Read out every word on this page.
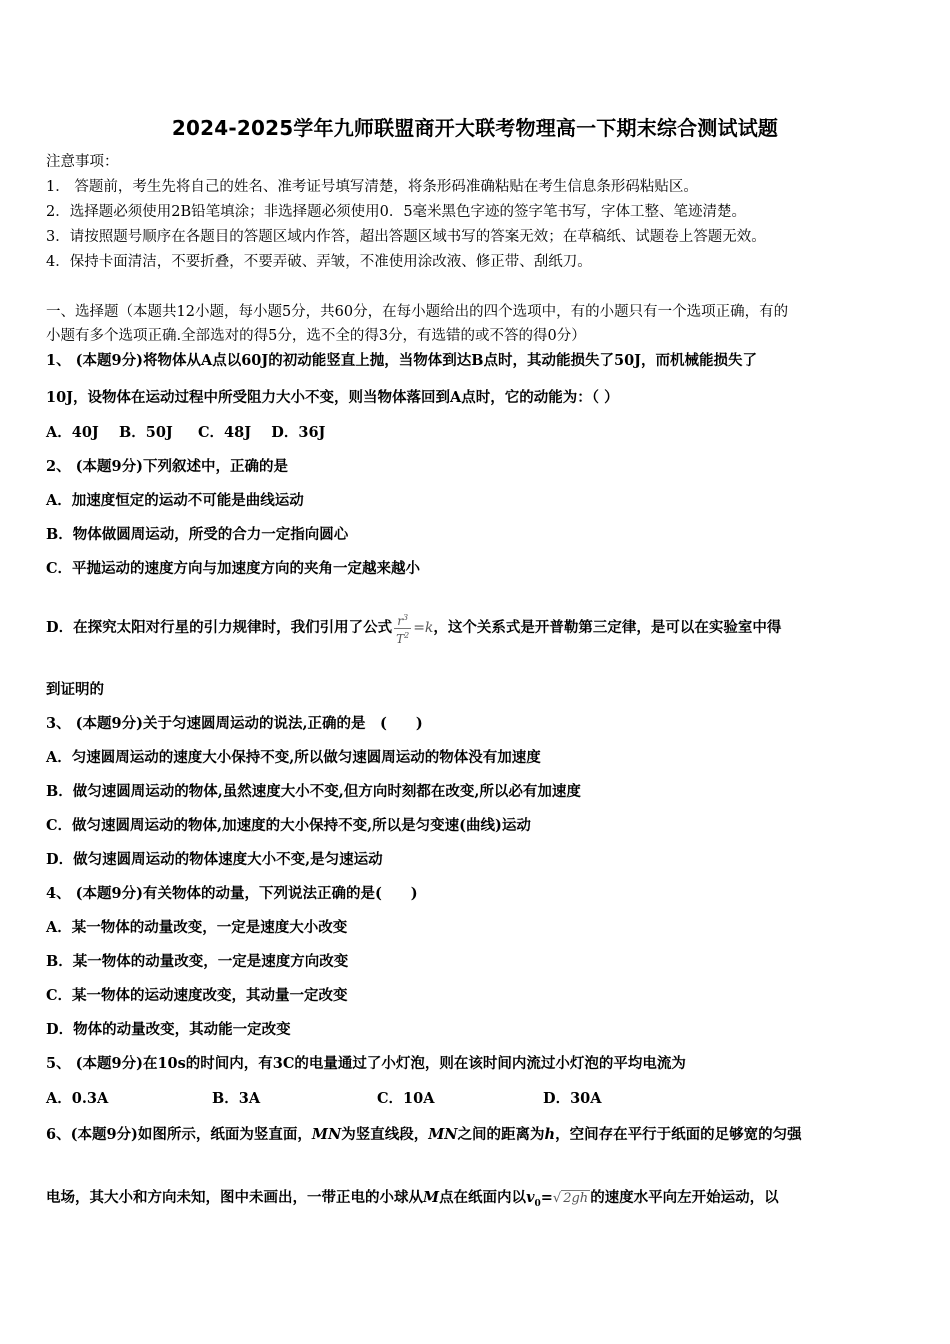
2024-2025学年九师联盟商开大联考物理高一下期末综合测试试题
注意事项：
1． 答题前，考生先将自己的姓名、准考证号填写清楚，将条形码准确粘贴在考生信息条形码粘贴区。
2．选择题必须使用2B铅笔填涂；非选择题必须使用0．5毫米黑色字迹的签字笔书写，字体工整、笔迹清楚。
3．请按照题号顺序在各题目的答题区域内作答，超出答题区域书写的答案无效；在草稿纸、试题卷上答题无效。
4．保持卡面清洁，不要折叠，不要弄破、弄皱，不准使用涂改液、修正带、刮纸刀。
一、选择题（本题共12小题，每小题5分，共60分，在每小题给出的四个选项中，有的小题只有一个选项正确，有的
小题有多个选项正确.全部选对的得5分，选不全的得3分，有选错的或不答的得0分）
1、 (本题9分)将物体从A点以60J的初动能竖直上抛，当物体到达B点时，其动能损失了50J，而机械能损失了
10J，设物体在运动过程中所受阻力大小不变，则当物体落回到A点时，它的动能为：（ ）
A．40J    B．50J     C．48J    D．36J
2、 (本题9分)下列叙述中，正确的是
A．加速度恒定的运动不可能是曲线运动
B．物体做圆周运动，所受的合力一定指向圆心
C．平抛运动的速度方向与加速度方向的夹角一定越来越小
D．在探究太阳对行星的引力规律时，我们引用了公式 $\frac{r^3}{T^2} =k$，这个关系式是开普勒第三定律，是可以在实验室中得
到证明的
3、 (本题9分)关于匀速圆周运动的说法,正确的是　(　　)
A．匀速圆周运动的速度大小保持不变,所以做匀速圆周运动的物体没有加速度
B．做匀速圆周运动的物体,虽然速度大小不变,但方向时刻都在改变,所以必有加速度
C．做匀速圆周运动的物体,加速度的大小保持不变,所以是匀变速(曲线)运动
D．做匀速圆周运动的物体速度大小不变,是匀速运动
4、 (本题9分)有关物体的动量，下列说法正确的是(　　)
A．某一物体的动量改变，一定是速度大小改变
B．某一物体的动量改变，一定是速度方向改变
C．某一物体的运动速度改变，其动量一定改变
D．物体的动量改变，其动能一定改变
5、 (本题9分)在10s的时间内，有3C的电量通过了小灯泡，则在该时间内流过小灯泡的平均电流为
A．0.3A	B．3A	C．10A	D．30A
6、(本题9分)如图所示，纸面为竖直面，MN为竖直线段，MN之间的距离为h，空间存在平行于纸面的足够宽的匀强
电场，其大小和方向未知，图中未画出，一带正电的小球从M点在纸面内以$v_0=√$ 2gh 的速度水平向左开始运动，以
